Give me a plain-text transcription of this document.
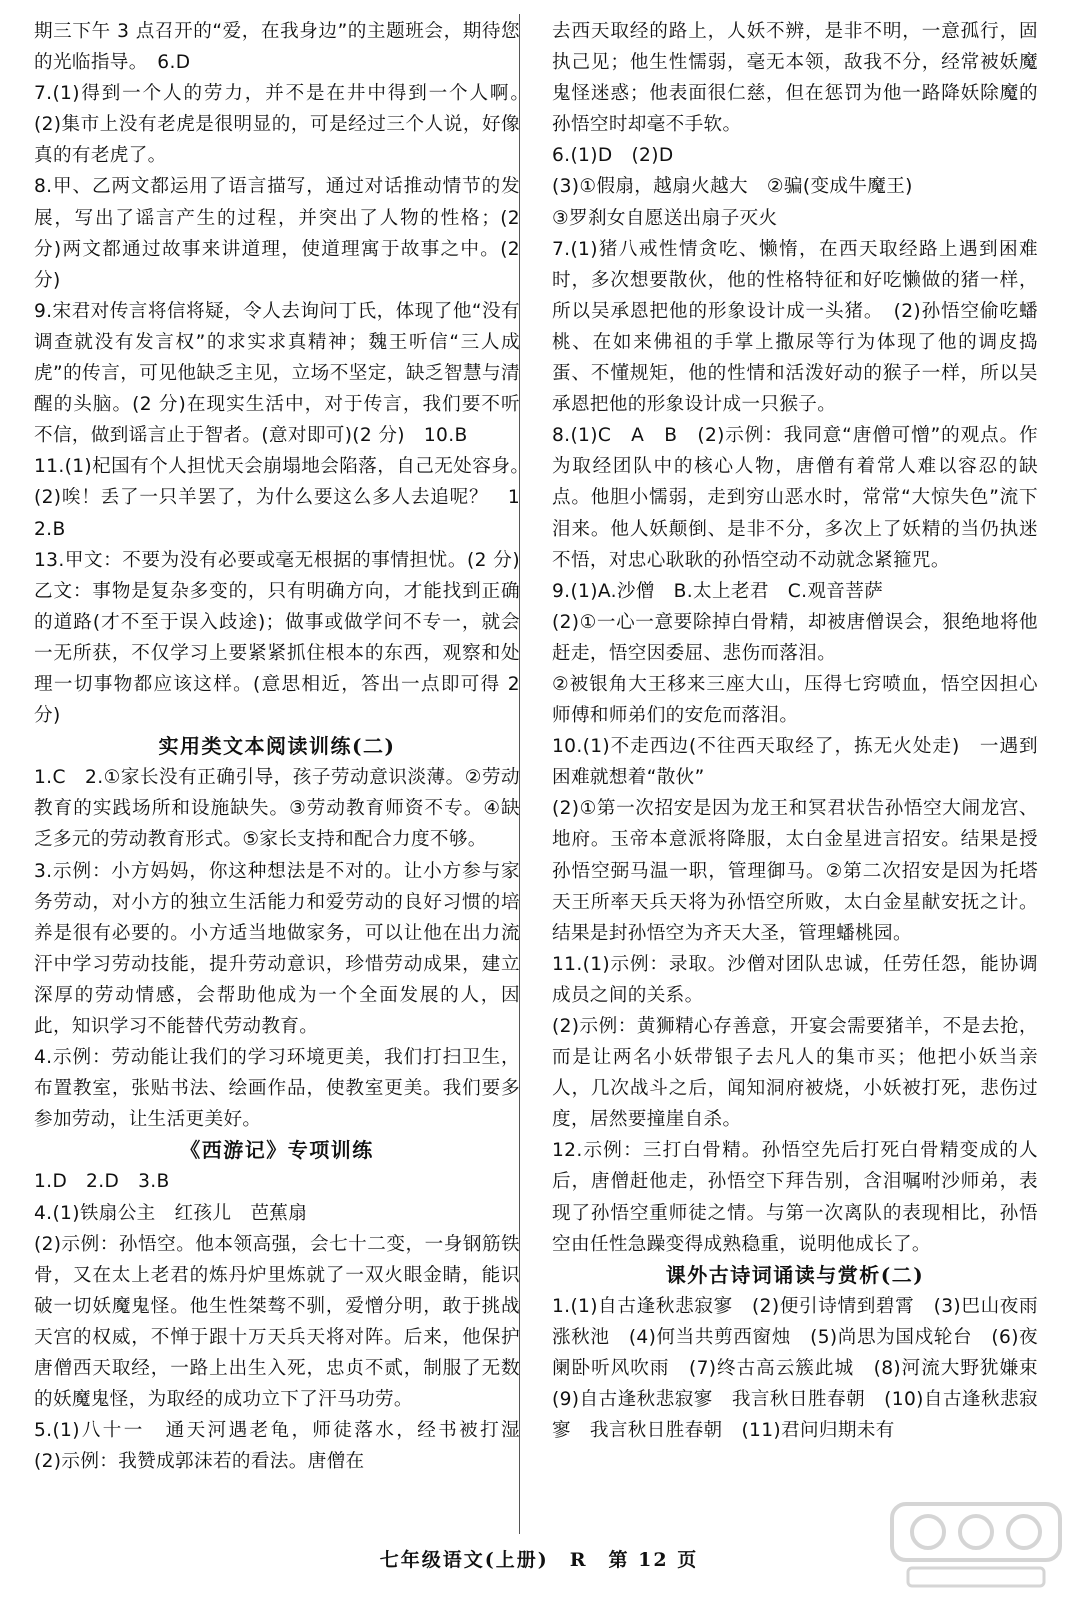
期三下午 3 点召开的“爱，在我身边”的主题班会，期待您的光临指导。　6.D

7.(1)得到一个人的劳力，并不是在井中得到一个人啊。　(2)集市上没有老虎是很明显的，可是经过三个人说，好像真的有老虎了。

8.甲、乙两文都运用了语言描写，通过对话推动情节的发展，写出了谣言产生的过程，并突出了人物的性格；(2 分)两文都通过故事来讲道理，使道理寓于故事之中。(2 分)

9.宋君对传言将信将疑，令人去询问丁氏，体现了他“没有调查就没有发言权”的求实求真精神；魏王听信“三人成虎”的传言，可见他缺乏主见，立场不坚定，缺乏智慧与清醒的头脑。(2 分)在现实生活中，对于传言，我们要不听不信，做到谣言止于智者。(意对即可)(2 分)　10.B

11.(1)杞国有个人担忧天会崩塌地会陷落，自己无处容身。　(2)唉！丢了一只羊罢了，为什么要这么多人去追呢？　12.B

13.甲文：不要为没有必要或毫无根据的事情担忧。(2 分)乙文：事物是复杂多变的，只有明确方向，才能找到正确的道路(才不至于误入歧途)；做事或做学问不专一，就会一无所获，不仅学习上要紧紧抓住根本的东西，观察和处理一切事物都应该这样。(意思相近，答出一点即可得 2 分)

实用类文本阅读训练(二)

1.C　2.①家长没有正确引导，孩子劳动意识淡薄。②劳动教育的实践场所和设施缺失。③劳动教育师资不专。④缺乏多元的劳动教育形式。⑤家长支持和配合力度不够。

3.示例：小方妈妈，你这种想法是不对的。让小方参与家务劳动，对小方的独立生活能力和爱劳动的良好习惯的培养是很有必要的。小方适当地做家务，可以让他在出力流汗中学习劳动技能，提升劳动意识，珍惜劳动成果，建立深厚的劳动情感，会帮助他成为一个全面发展的人，因此，知识学习不能替代劳动教育。

4.示例：劳动能让我们的学习环境更美，我们打扫卫生，布置教室，张贴书法、绘画作品，使教室更美。我们要多参加劳动，让生活更美好。

《西游记》专项训练

1.D　2.D　3.B

4.(1)铁扇公主　红孩儿　芭蕉扇

(2)示例：孙悟空。他本领高强，会七十二变，一身钢筋铁骨，又在太上老君的炼丹炉里炼就了一双火眼金睛，能识破一切妖魔鬼怪。他生性桀骜不驯，爱憎分明，敢于挑战天宫的权威，不惮于跟十万天兵天将对阵。后来，他保护唐僧西天取经，一路上出生入死，忠贞不贰，制服了无数的妖魔鬼怪，为取经的成功立下了汗马功劳。

5.(1)八十一　通天河遇老龟，师徒落水，经书被打湿　(2)示例：我赞成郭沫若的看法。唐僧在

去西天取经的路上，人妖不辨，是非不明，一意孤行，固执己见；他生性懦弱，毫无本领，敌我不分，经常被妖魔鬼怪迷惑；他表面很仁慈，但在惩罚为他一路降妖除魔的孙悟空时却毫不手软。

6.(1)D　(2)D

(3)①假扇，越扇火越大　②骗(变成牛魔王)

③罗刹女自愿送出扇子灭火

7.(1)猪八戒性情贪吃、懒惰，在西天取经路上遇到困难时，多次想要散伙，他的性格特征和好吃懒做的猪一样，所以吴承恩把他的形象设计成一头猪。　(2)孙悟空偷吃蟠桃、在如来佛祖的手掌上撒尿等行为体现了他的调皮捣蛋、不懂规矩，他的性情和活泼好动的猴子一样，所以吴承恩把他的形象设计成一只猴子。

8.(1)C　A　B　(2)示例：我同意“唐僧可憎”的观点。作为取经团队中的核心人物，唐僧有着常人难以容忍的缺点。他胆小懦弱，走到穷山恶水时，常常“大惊失色”流下泪来。他人妖颠倒、是非不分，多次上了妖精的当仍执迷不悟，对忠心耿耿的孙悟空动不动就念紧箍咒。

9.(1)A.沙僧　B.太上老君　C.观音菩萨

(2)①一心一意要除掉白骨精，却被唐僧误会，狠绝地将他赶走，悟空因委屈、悲伤而落泪。

②被银角大王移来三座大山，压得七窍喷血，悟空因担心师傅和师弟们的安危而落泪。

10.(1)不走西边(不往西天取经了，拣无火处走)　一遇到困难就想着“散伙”

(2)①第一次招安是因为龙王和冥君状告孙悟空大闹龙宫、地府。玉帝本意派将降服，太白金星进言招安。结果是授孙悟空弼马温一职，管理御马。②第二次招安是因为托塔天王所率天兵天将为孙悟空所败，太白金星献安抚之计。结果是封孙悟空为齐天大圣，管理蟠桃园。

11.(1)示例：录取。沙僧对团队忠诚，任劳任怨，能协调成员之间的关系。

(2)示例：黄狮精心存善意，开宴会需要猪羊，不是去抢，而是让两名小妖带银子去凡人的集市买；他把小妖当亲人，几次战斗之后，闻知洞府被烧，小妖被打死，悲伤过度，居然要撞崖自杀。

12.示例：三打白骨精。孙悟空先后打死白骨精变成的人后，唐僧赶他走，孙悟空下拜告别，含泪嘱咐沙师弟，表现了孙悟空重师徒之情。与第一次离队的表现相比，孙悟空由任性急躁变得成熟稳重，说明他成长了。

课外古诗词诵读与赏析(二)

1.(1)自古逢秋悲寂寥　(2)便引诗情到碧霄　(3)巴山夜雨涨秋池　(4)何当共剪西窗烛　(5)尚思为国戍轮台　(6)夜阑卧听风吹雨　(7)终古高云簇此城　(8)河流大野犹嫌束　(9)自古逢秋悲寂寥　我言秋日胜春朝　(10)自古逢秋悲寂寥　我言秋日胜春朝　(11)君问归期未有

七年级语文(上册)　R　第 12 页
